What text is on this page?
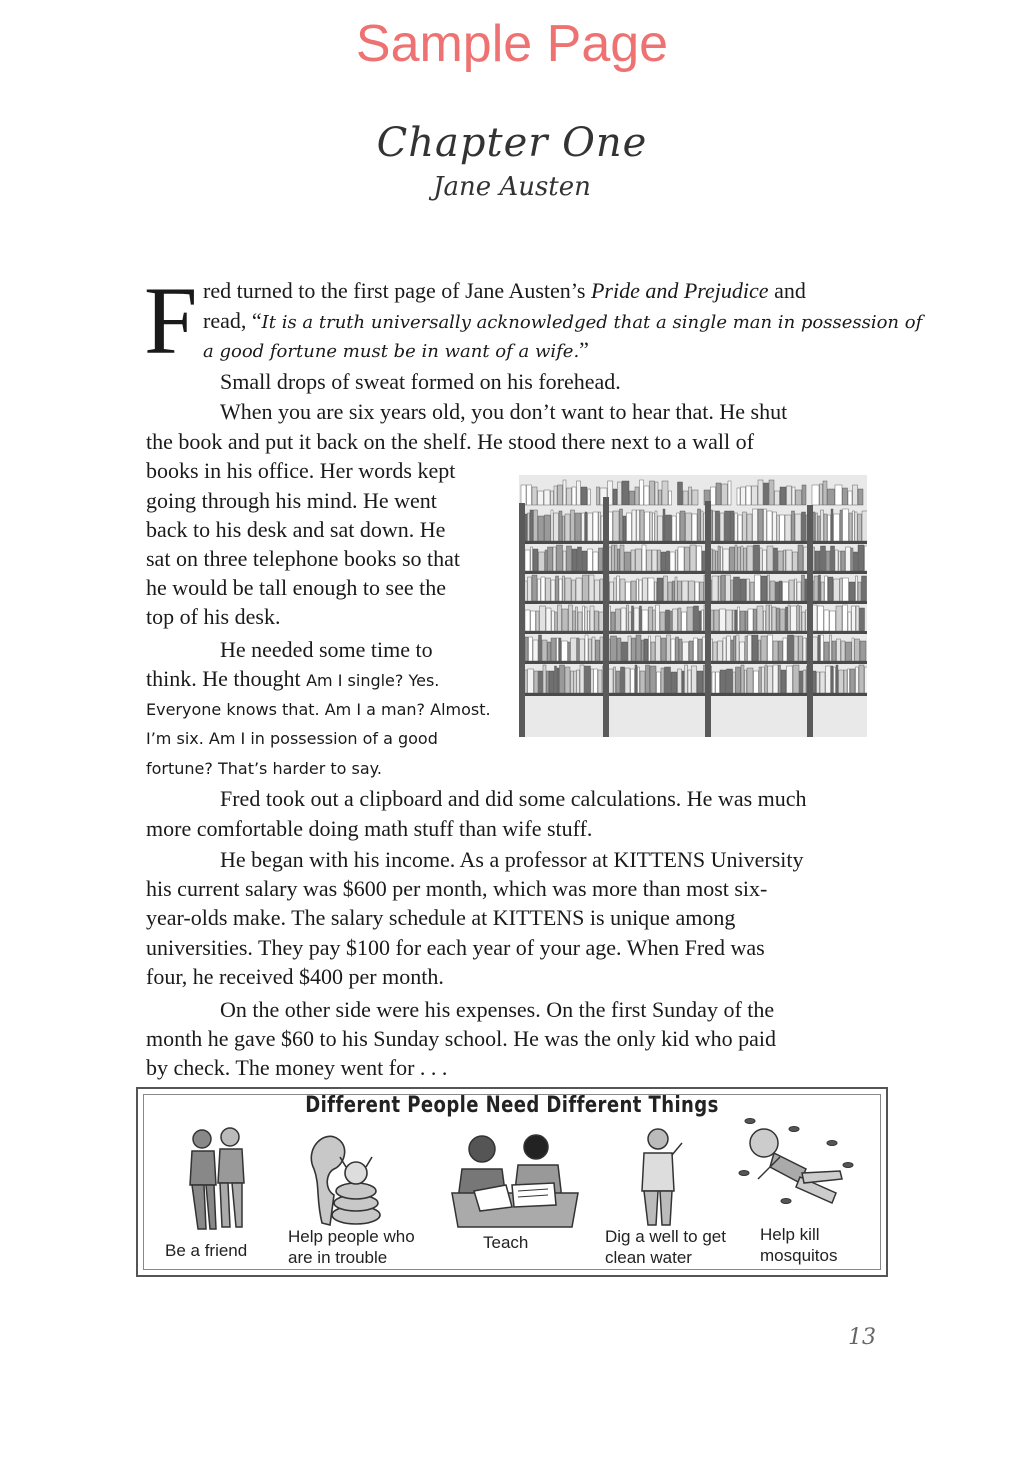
Sample Page
Chapter One
Jane Austen
F red turned to the first page of Jane Austen’s Pride and Prejudice and
read, “It is a truth universally acknowledged that a single man in possession of
a good fortune must be in want of a wife.”
Small drops of sweat formed on his forehead.
When you are six years old, you don’t want to hear that. He shut
the book and put it back on the shelf. He stood there next to a wall of
books in his office. Her words kept
going through his mind. He went
back to his desk and sat down. He
sat on three telephone books so that
he would be tall enough to see the
top of his desk.
He needed some time to
think. He thought Am I single? Yes.
Everyone knows that. Am I a man? Almost.
I’m six. Am I in possession of a good
fortune? That’s harder to say.
Fred took out a clipboard and did some calculations. He was much
more comfortable doing math stuff than wife stuff.
He began with his income. As a professor at KITTENS University
his current salary was $600 per month, which was more than most six-
year-olds make. The salary schedule at KITTENS is unique among
universities. They pay $100 for each year of your age. When Fred was
four, he received $400 per month.
On the other side were his expenses. On the first Sunday of the
month he gave $60 to his Sunday school. He was the only kid who paid
by check. The money went for . . .
Different People Need Different Things
Be a friend
Help people who
are in trouble
Teach	Dig a well to get
clean water
Help kill
mosquitos
13
